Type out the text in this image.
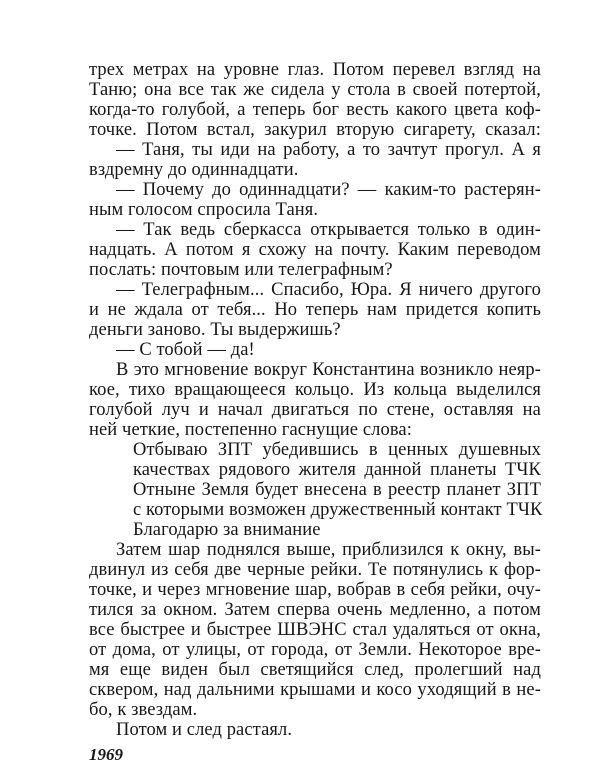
трех метрах на уровне глаз. Потом перевел взгляд на
Таню; она все так же сидела у стола в своей потертой,
когда-то голубой, а теперь бог весть какого цвета коф-
точке. Потом встал, закурил вторую сигарету, сказал:
— Таня, ты иди на работу, а то зачтут прогул. А я
вздремну до одиннадцати.
— Почему до одиннадцати? — каким-то растерян-
ным голосом спросила Таня.
— Так ведь сберкасса открывается только в один-
надцать. А потом я схожу на почту. Каким переводом
послать: почтовым или телеграфным?
— Телеграфным... Спасибо, Юра. Я ничего другого
и не ждала от тебя... Но теперь нам придется копить
деньги заново. Ты выдержишь?
— С тобой — да!
В это мгновение вокруг Константина возникло неяр-
кое, тихо вращающееся кольцо. Из кольца выделился
голубой луч и начал двигаться по стене, оставляя на
ней четкие, постепенно гаснущие слова:
Отбываю ЗПТ убедившись в ценных душевных
качествах рядового жителя данной планеты ТЧК
Отныне Земля будет внесена в реестр планет ЗПТ
с которыми возможен дружественный контакт ТЧК
Благодарю за внимание
Затем шар поднялся выше, приблизился к окну, вы-
двинул из себя две черные рейки. Те потянулись к фор-
точке, и через мгновение шар, вобрав в себя рейки, очу-
тился за окном. Затем сперва очень медленно, а потом
все быстрее и быстрее ШВЭНС стал удаляться от окна,
от дома, от улицы, от города, от Земли. Некоторое вре-
мя еще виден был светящийся след, пролегший над
сквером, над дальними крышами и косо уходящий в не-
бо, к звездам.
Потом и след растаял.
1969
